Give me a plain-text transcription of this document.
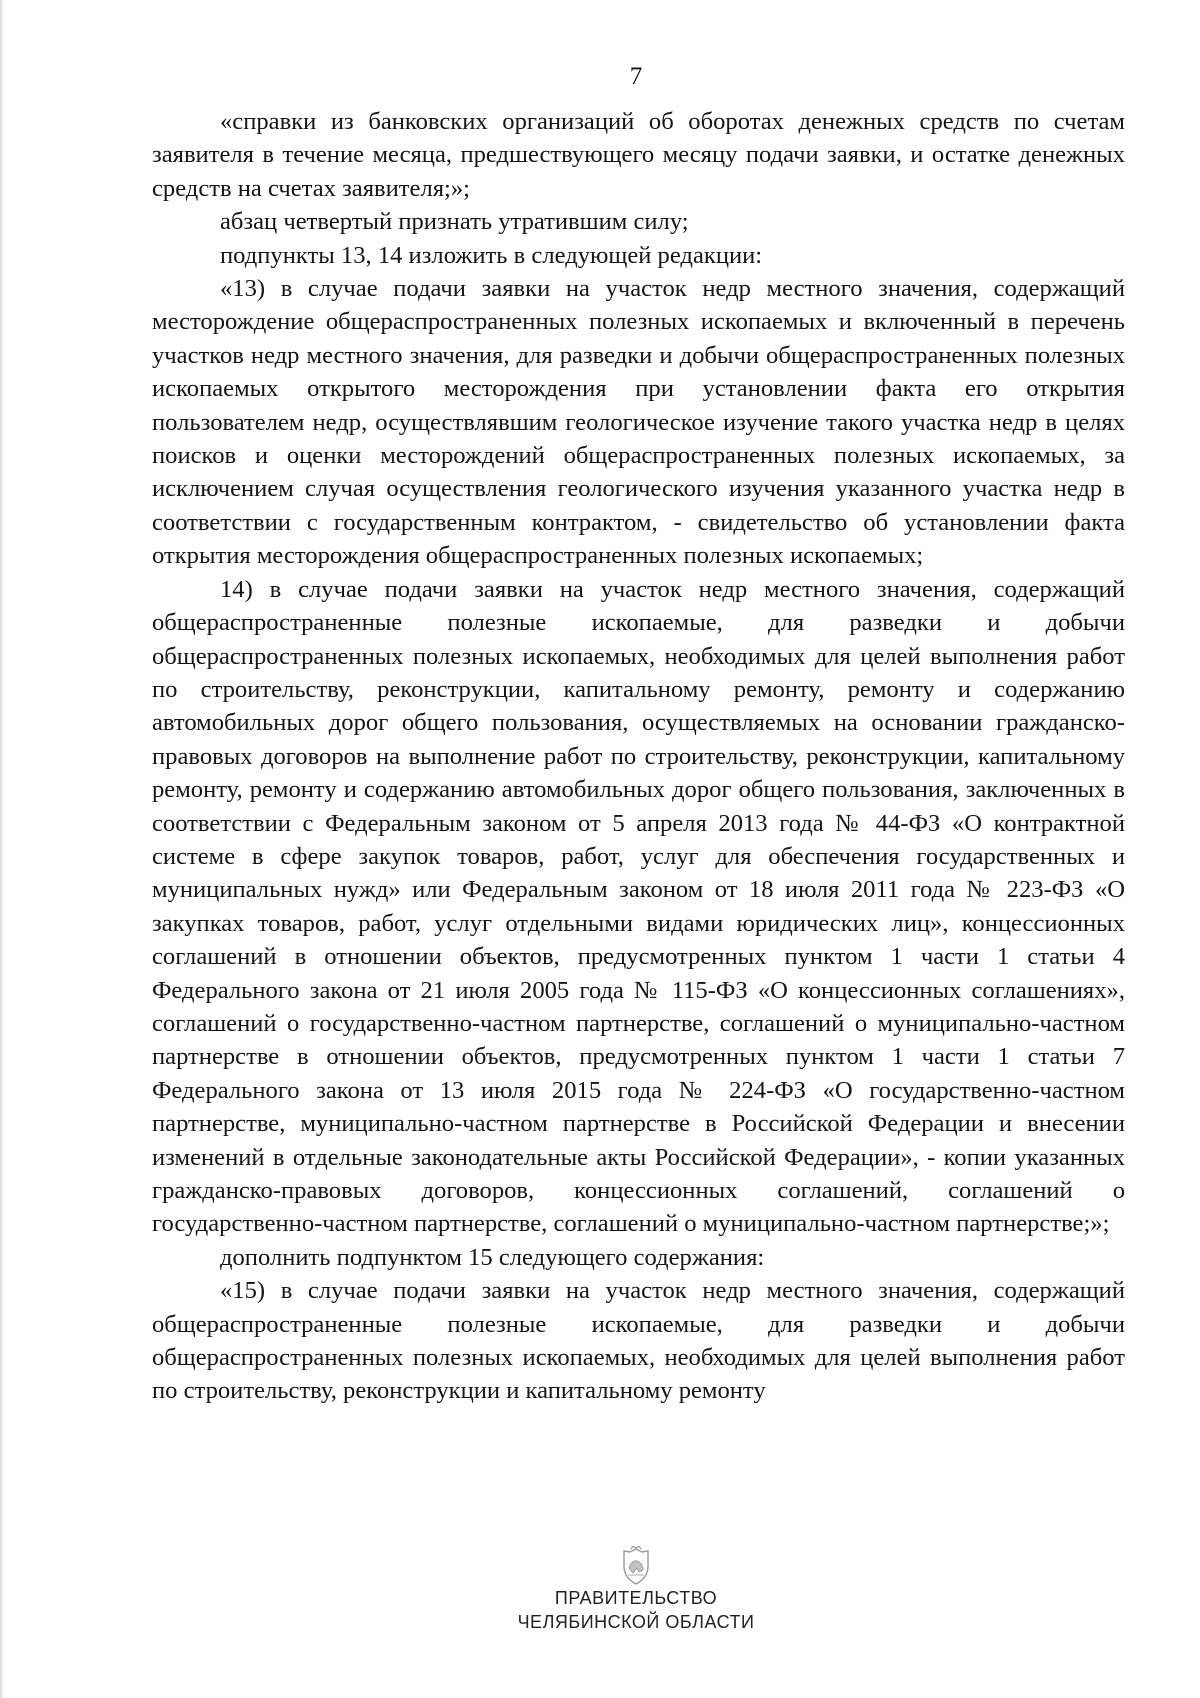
7

«справки из банковских организаций об оборотах денежных средств по счетам заявителя в течение месяца, предшествующего месяцу подачи заявки, и остатке денежных средств на счетах заявителя;»;

абзац четвертый признать утратившим силу;

подпункты 13, 14 изложить в следующей редакции:

«13) в случае подачи заявки на участок недр местного значения, содержащий месторождение общераспространенных полезных ископаемых и включенный в перечень участков недр местного значения, для разведки и добычи общераспространенных полезных ископаемых открытого месторождения при установлении факта его открытия пользователем недр, осуществлявшим геологическое изучение такого участка недр в целях поисков и оценки месторождений общераспространенных полезных ископаемых, за исключением случая осуществления геологического изучения указанного участка недр в соответствии с государственным контрактом, - свидетельство об установлении факта открытия месторождения общераспространенных полезных ископаемых;

14) в случае подачи заявки на участок недр местного значения, содержащий общераспространенные полезные ископаемые, для разведки и добычи общераспространенных полезных ископаемых, необходимых для целей выполнения работ по строительству, реконструкции, капитальному ремонту, ремонту и содержанию автомобильных дорог общего пользования, осуществляемых на основании гражданско-правовых договоров на выполнение работ по строительству, реконструкции, капитальному ремонту, ремонту и содержанию автомобильных дорог общего пользования, заключенных в соответствии с Федеральным законом от 5 апреля 2013 года № 44-ФЗ «О контрактной системе в сфере закупок товаров, работ, услуг для обеспечения государственных и муниципальных нужд» или Федеральным законом от 18 июля 2011 года № 223-ФЗ «О закупках товаров, работ, услуг отдельными видами юридических лиц», концессионных соглашений в отношении объектов, предусмотренных пунктом 1 части 1 статьи 4 Федерального закона от 21 июля 2005 года № 115-ФЗ «О концессионных соглашениях», соглашений о государственно-частном партнерстве, соглашений о муниципально-частном партнерстве в отношении объектов, предусмотренных пунктом 1 части 1 статьи 7 Федерального закона от 13 июля 2015 года № 224-ФЗ «О государственно-частном партнерстве, муниципально-частном партнерстве в Российской Федерации и внесении изменений в отдельные законодательные акты Российской Федерации», - копии указанных гражданско-правовых договоров, концессионных соглашений, соглашений о государственно-частном партнерстве, соглашений о муниципально-частном партнерстве;»;

дополнить подпунктом 15 следующего содержания:

«15) в случае подачи заявки на участок недр местного значения, содержащий общераспространенные полезные ископаемые, для разведки и добычи общераспространенных полезных ископаемых, необходимых для целей выполнения работ по строительству, реконструкции и капитальному ремонту

ПРАВИТЕЛЬСТВО
ЧЕЛЯБИНСКОЙ ОБЛАСТИ
